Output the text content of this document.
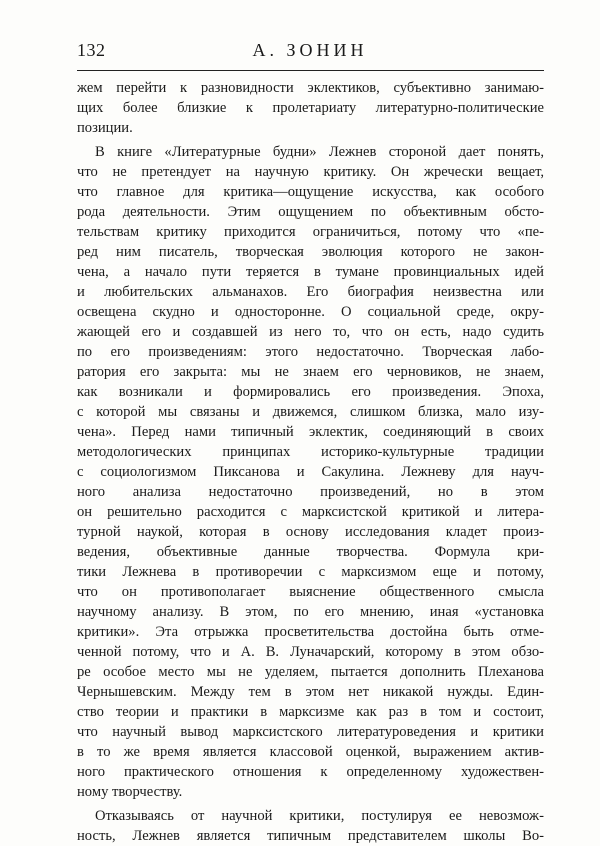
132	А. ЗОНИН
жем перейти к разновидности эклектиков, субъективно занимаю-
щих более близкие к пролетариату литературно-политические
позиции.
В книге «Литературные будни» Лежнев стороной дает понять,
что не претендует на научную критику. Он жречески вещает,
что главное для критика—ощущение искусства, как особого
рода деятельности. Этим ощущением по объективным обсто-
тельствам критику приходится ограничиться, потому что «пе-
ред ним писатель, творческая эволюция которого не закон-
чена, а начало пути теряется в тумане провинциальных идей
и любительских альманахов. Его биография неизвестна или
освещена скудно и односторонне. О социальной среде, окру-
жающей его и создавшей из него то, что он есть, надо судить
по его произведениям: этого недостаточно. Творческая лабо-
ратория его закрыта: мы не знаем его черновиков, не знаем,
как возникали и формировались его произведения. Эпоха,
с которой мы связаны и движемся, слишком близка, мало изу-
чена». Перед нами типичный эклектик, соединяющий в своих
методологических принципах историко-культурные традиции
с социологизмом Пиксанова и Сакулина. Лежневу для науч-
ного анализа недостаточно произведений, но в этом
он решительно расходится с марксистской критикой и литера-
турной наукой, которая в основу исследования кладет произ-
ведения, объективные данные творчества. Формула кри-
тики Лежнева в противоречии с марксизмом еще и потому,
что он противополагает выяснение общественного смысла
научному анализу. В этом, по его мнению, иная «установка
критики». Эта отрыжка просветительства достойна быть отме-
ченной потому, что и А. В. Луначарский, которому в этом обзо-
ре особое место мы не уделяем, пытается дополнить Плеханова
Чернышевским. Между тем в этом нет никакой нужды. Един-
ство теории и практики в марксизме как раз в том и состоит,
что научный вывод марксистского литературоведения и критики
в то же время является классовой оценкой, выражением актив-
ного практического отношения к определенному художествен-
ному творчеству.
Отказываясь от научной критики, постулируя ее невозмож-
ность, Лежнев является типичным представителем школы Во-
